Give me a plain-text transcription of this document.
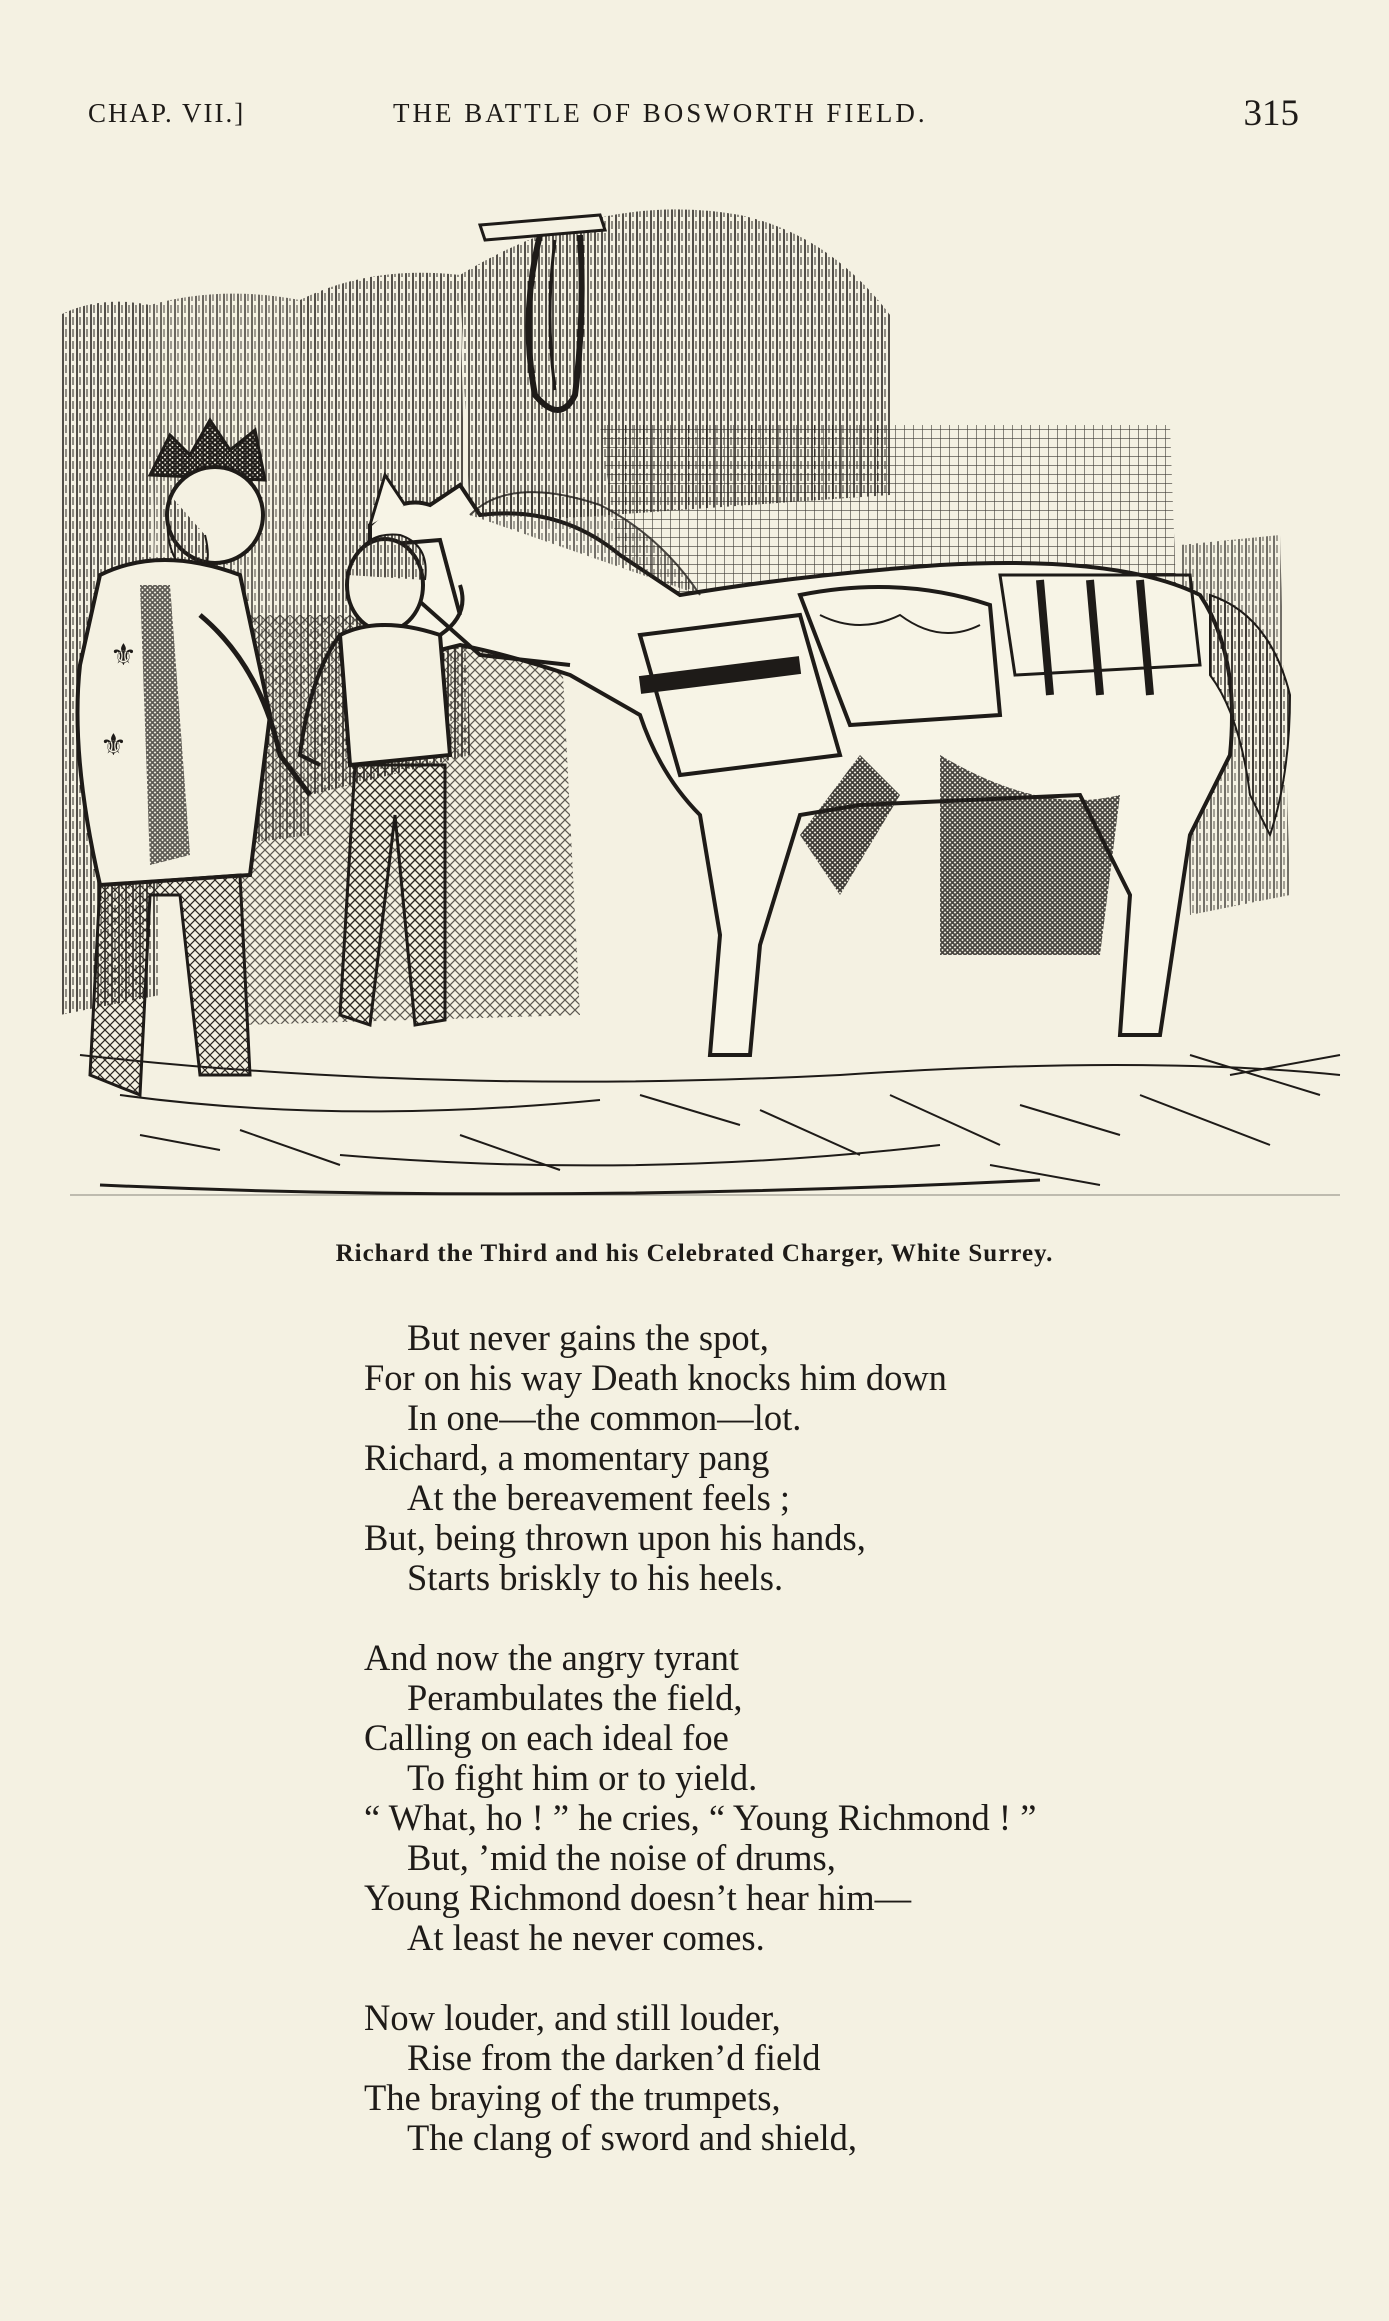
CHAP. VII.]	THE BATTLE OF BOSWORTH FIELD.	315
⚜
⚜
Richard the Third and his Celebrated Charger, White Surrey.
But never gains the spot,
For on his way Death knocks him down
In one—the common—lot.
Richard, a momentary pang
At the bereavement feels ;
But, being thrown upon his hands,
Starts briskly to his heels.
And now the angry tyrant
Perambulates the field,
Calling on each ideal foe
To fight him or to yield.
“ What, ho ! ” he cries, “ Young Richmond ! ”
But, ’mid the noise of drums,
Young Richmond doesn’t hear him—
At least he never comes.
Now louder, and still louder,
Rise from the darken’d field
The braying of the trumpets,
The clang of sword and shield,
